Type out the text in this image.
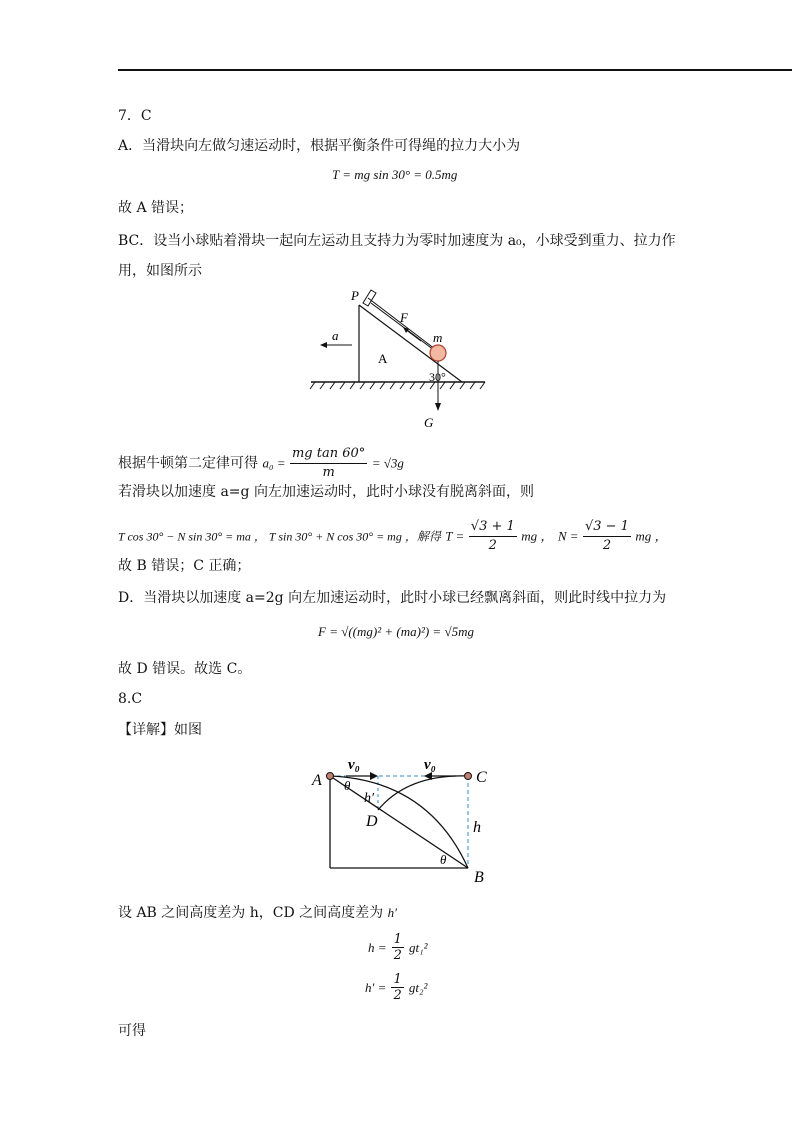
7．C
A．当滑块向左做匀速运动时，根据平衡条件可得绳的拉力大小为
T = mg sin 30° = 0.5mg
故 A 错误；
BC．设当小球贴着滑块一起向左运动且支持力为零时加速度为 a₀，小球受到重力、拉力作
用，如图所示
P
F
m
a
A
30°
G
根据牛顿第二定律可得 $a_0 = \frac{\text{mg tan 60°}}{m} = √3g$
若滑块以加速度 a=g 向左加速运动时，此时小球没有脱离斜面，则
T cos 30° − N sin 30° = ma ， T sin 30° + N cos 30° = mg ，解得 $T = \frac{√3 + 1}{2}$ mg ， $N = \frac{√3 - 1}{2}$ mg ，
故 B 错误；C 正确；
D．当滑块以加速度 a=2g 向左加速运动时，此时小球已经飘离斜面，则此时线中拉力为
F = √((mg)² + (ma)²) = √5mg
故 D 错误。故选 C。
8.C
【详解】如图
A
B
C
D	h
h′
v₀	v₀
θ
θ
设 AB 之间高度差为 h，CD 之间高度差为 h′
$h = \frac{1}{2} gt_1^2$
$h' = \frac{1}{2} gt_2^2$
可得
